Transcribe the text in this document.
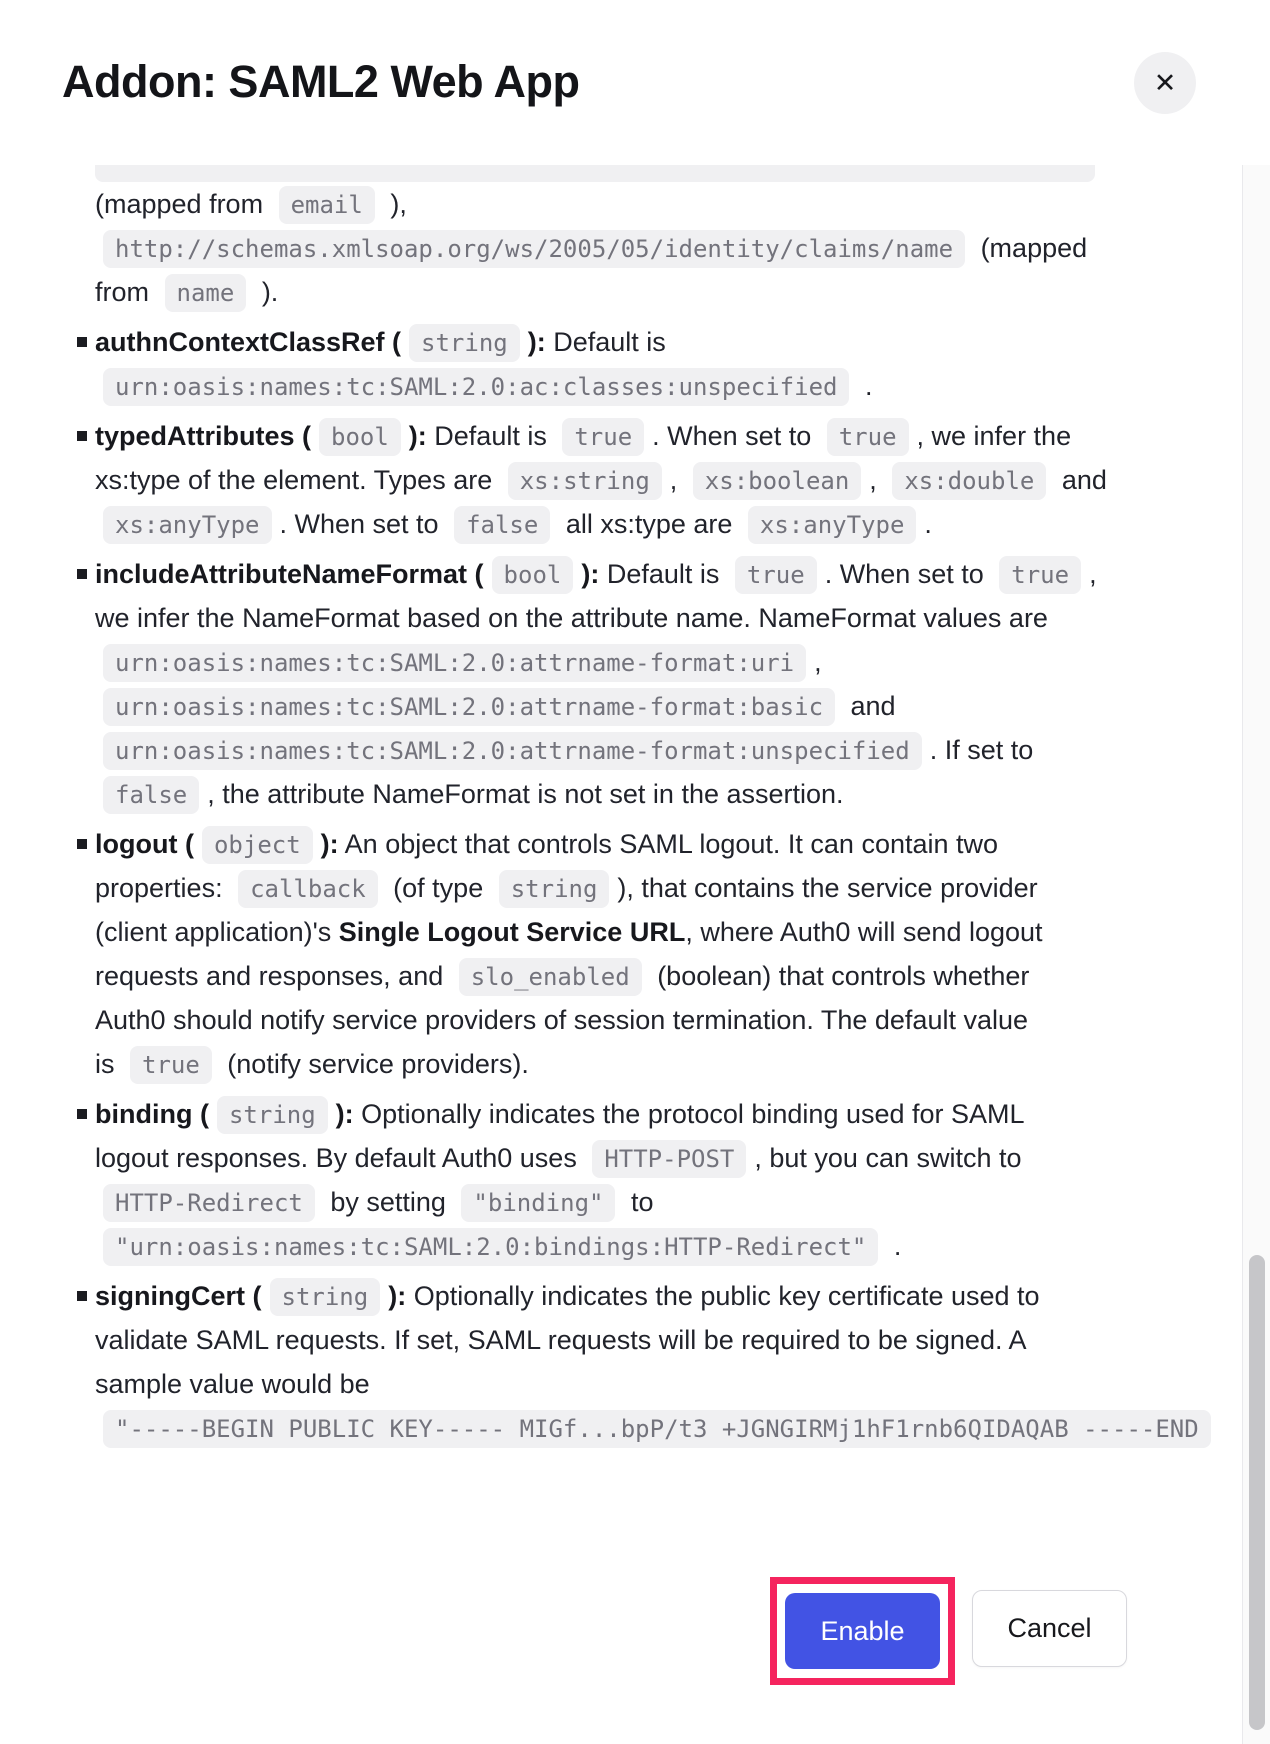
Addon: SAML2 Web App	✕
(mapped from email ),
http://schemas.xmlsoap.org/ws/2005/05/identity/claims/name (mapped
from name ).
authnContextClassRef ( string ): Default is
urn:oasis:names:tc:SAML:2.0:ac:classes:unspecified .
typedAttributes ( bool ): Default is true . When set to true , we infer the
xs:type of the element. Types are xs:string , xs:boolean , xs:double and
xs:anyType . When set to false all xs:type are xs:anyType .
includeAttributeNameFormat ( bool ): Default is true . When set to true ,
we infer the NameFormat based on the attribute name. NameFormat values are
urn:oasis:names:tc:SAML:2.0:attrname-format:uri ,
urn:oasis:names:tc:SAML:2.0:attrname-format:basic and
urn:oasis:names:tc:SAML:2.0:attrname-format:unspecified . If set to
false , the attribute NameFormat is not set in the assertion.
logout ( object ): An object that controls SAML logout. It can contain two
properties: callback (of type string ), that contains the service provider
(client application)'s Single Logout Service URL, where Auth0 will send logout
requests and responses, and slo_enabled (boolean) that controls whether
Auth0 should notify service providers of session termination. The default value
is true (notify service providers).
binding ( string ): Optionally indicates the protocol binding used for SAML
logout responses. By default Auth0 uses HTTP-POST , but you can switch to
HTTP-Redirect by setting "binding" to
"urn:oasis:names:tc:SAML:2.0:bindings:HTTP-Redirect" .
signingCert ( string ): Optionally indicates the public key certificate used to
validate SAML requests. If set, SAML requests will be required to be signed. A
sample value would be
"-----BEGIN PUBLIC KEY----- MIGf...bpP/t3 +JGNGIRMj1hF1rnb6QIDAQAB -----END
Enable	Cancel
